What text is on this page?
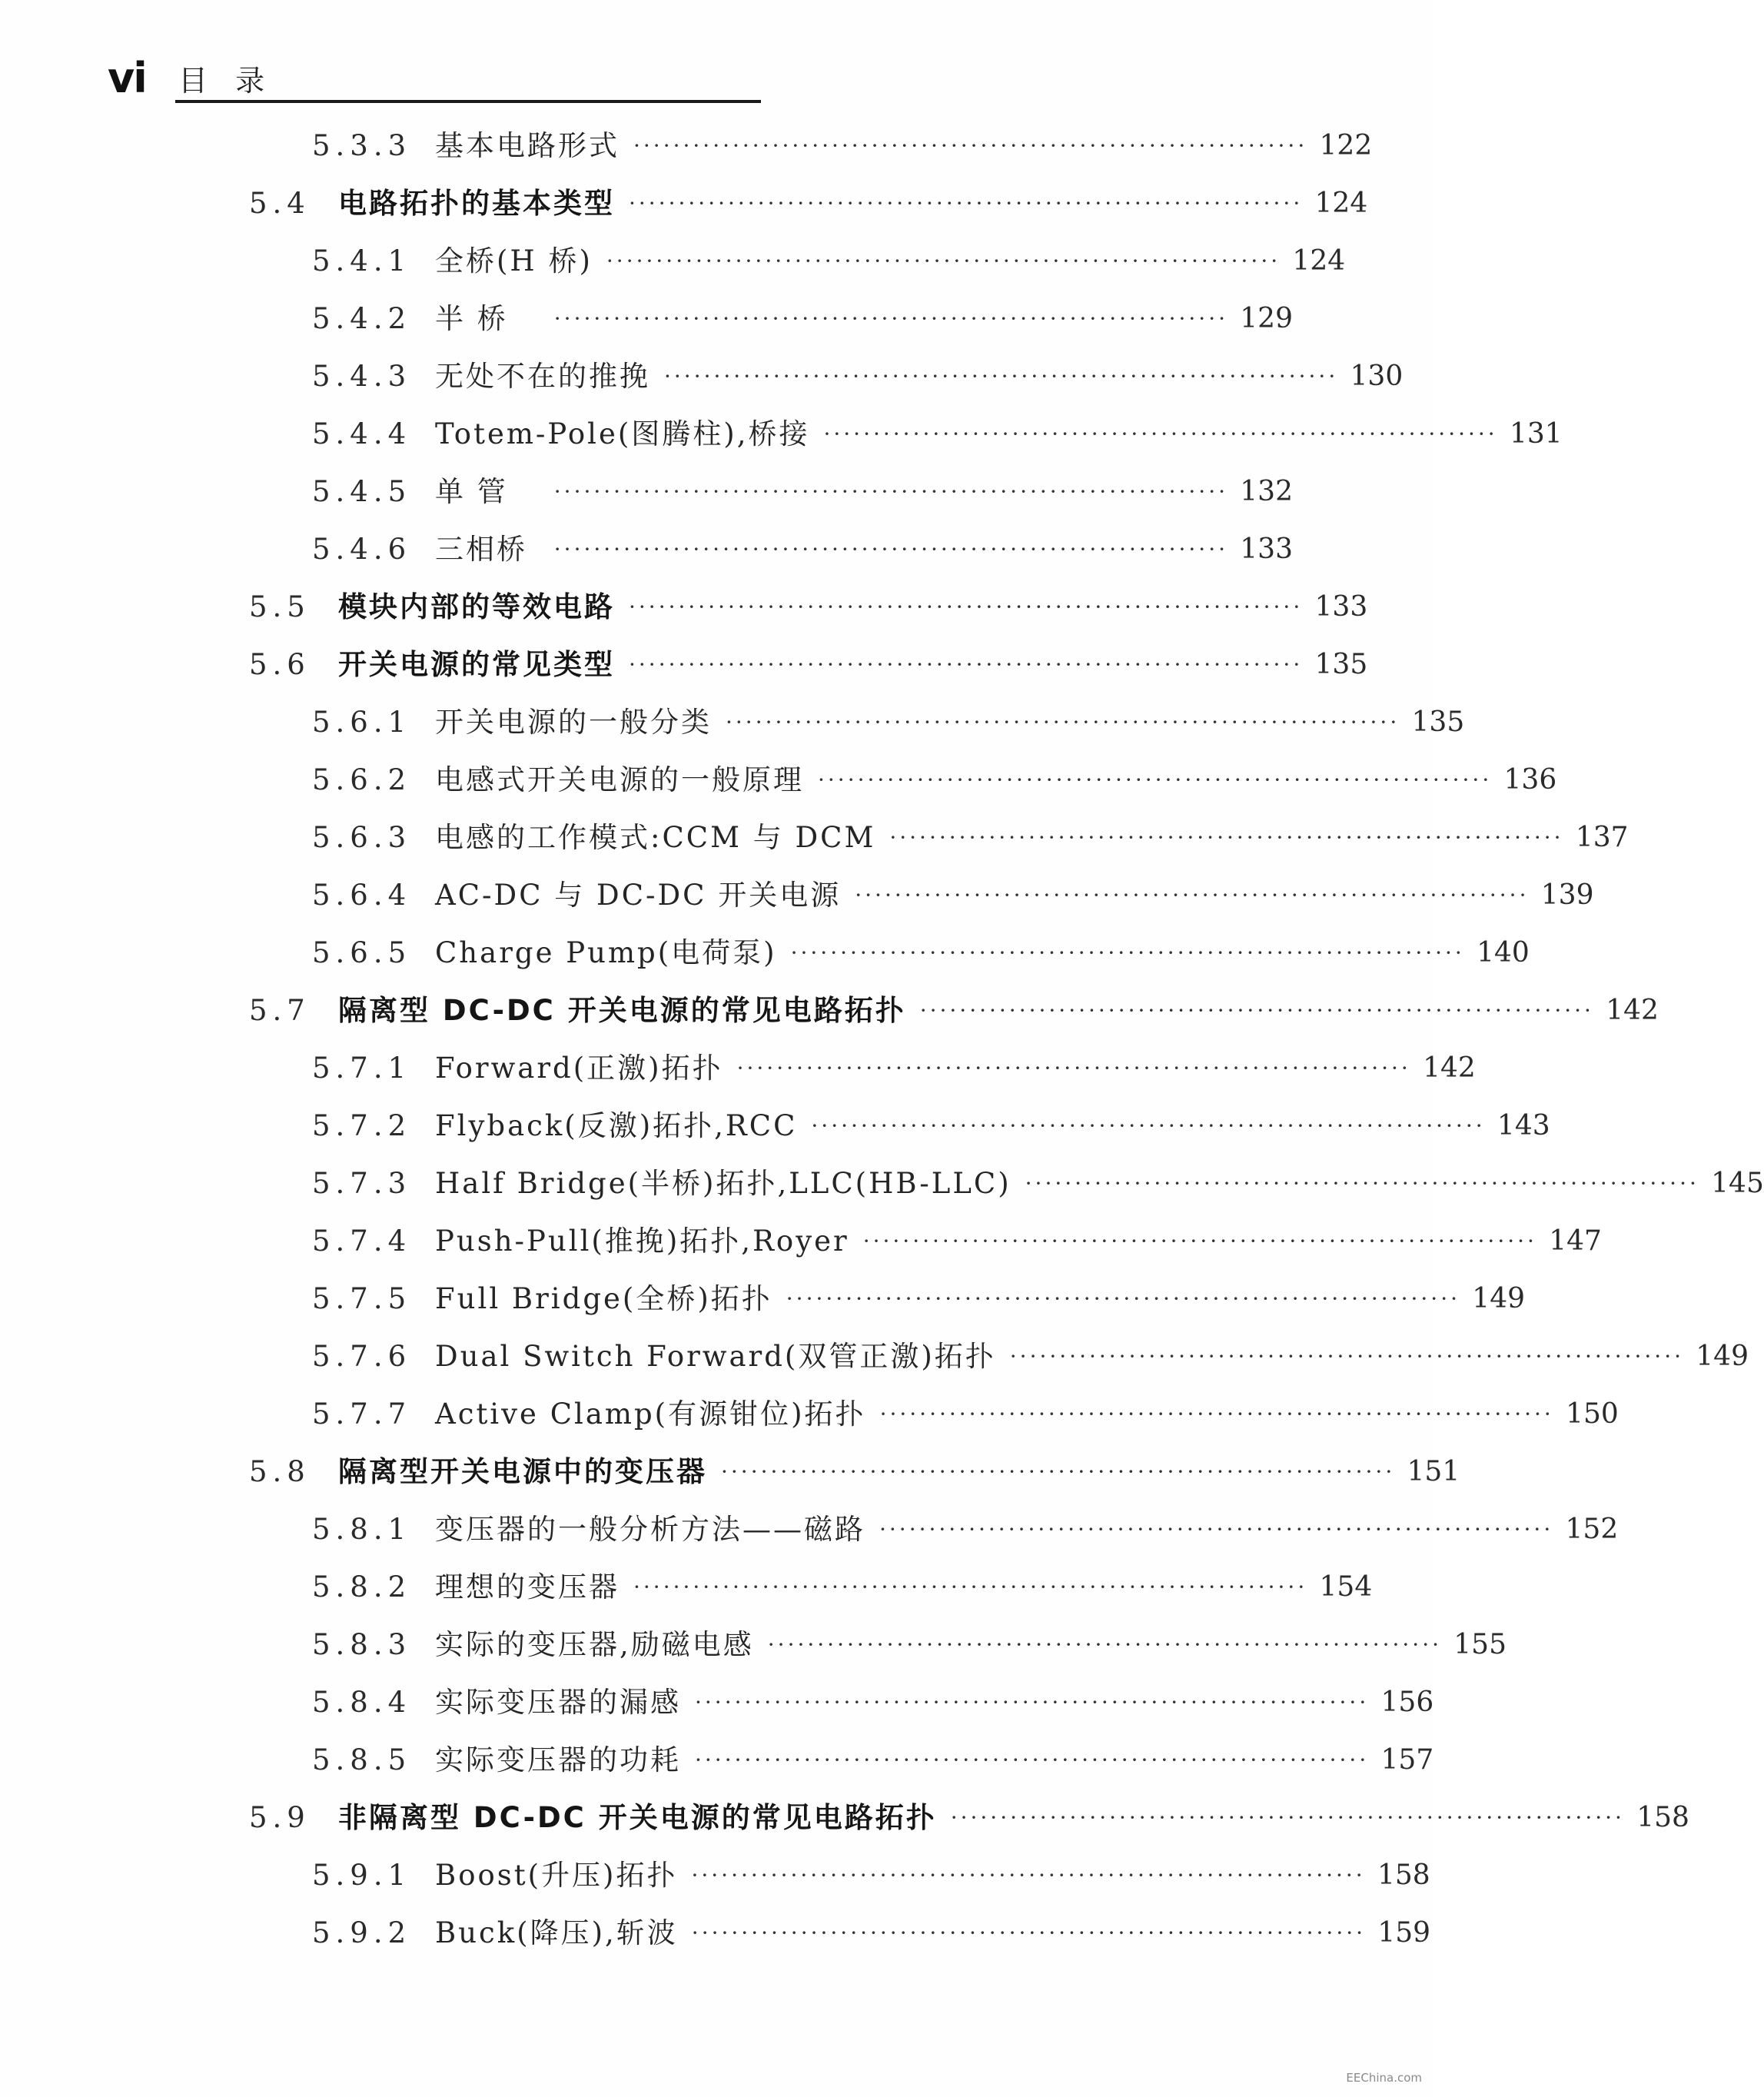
vi 目 录
5.3.3 基本电路形式 ···································································· 122
5.4 电路拓扑的基本类型 ···································································· 124
5.4.1 全桥(H 桥) ···································································· 124
5.4.2 半 桥	···································································· 129
5.4.3 无处不在的推挽 ···································································· 130
5.4.4 Totem-Pole(图腾柱),桥接 ···································································· 131
5.4.5 单 管	···································································· 132
5.4.6 三相桥	···································································· 133
5.5 模块内部的等效电路 ···································································· 133
5.6 开关电源的常见类型 ···································································· 135
5.6.1 开关电源的一般分类 ···································································· 135
5.6.2 电感式开关电源的一般原理 ···································································· 136
5.6.3 电感的工作模式:CCM 与 DCM ···································································· 137
5.6.4 AC-DC 与 DC-DC 开关电源 ···································································· 139
5.6.5 Charge Pump(电荷泵) ···································································· 140
5.7 隔离型 DC-DC 开关电源的常见电路拓扑 ···································································· 142
5.7.1 Forward(正激)拓扑 ···································································· 142
5.7.2 Flyback(反激)拓扑,RCC ···································································· 143
5.7.3 Half Bridge(半桥)拓扑,LLC(HB-LLC) ···································································· 145
5.7.4 Push-Pull(推挽)拓扑,Royer ···································································· 147
5.7.5 Full Bridge(全桥)拓扑 ···································································· 149
5.7.6 Dual Switch Forward(双管正激)拓扑 ···································································· 149
5.7.7 Active Clamp(有源钳位)拓扑 ···································································· 150
5.8 隔离型开关电源中的变压器 ···································································· 151
5.8.1 变压器的一般分析方法——磁路 ···································································· 152
5.8.2 理想的变压器 ···································································· 154
5.8.3 实际的变压器,励磁电感 ···································································· 155
5.8.4 实际变压器的漏感 ···································································· 156
5.8.5 实际变压器的功耗 ···································································· 157
5.9 非隔离型 DC-DC 开关电源的常见电路拓扑 ···································································· 158
5.9.1 Boost(升压)拓扑 ···································································· 158
5.9.2 Buck(降压),斩波 ···································································· 159
EEChina.com
